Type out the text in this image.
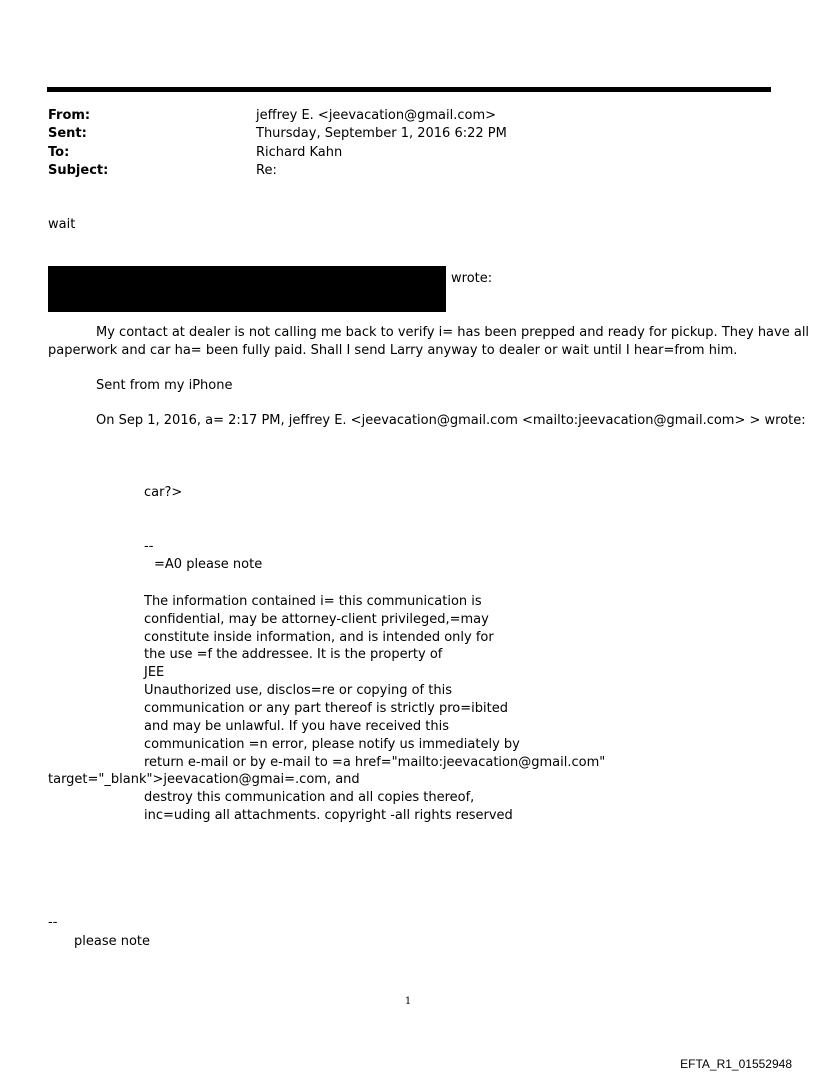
From:	jeffrey E. <jeevacation@gmail.com>
Sent:	Thursday, September 1, 2016 6:22 PM
To:	Richard Kahn
Subject:	Re:
wait
wrote:
My contact at dealer is not calling me back to verify i= has been prepped and ready for pickup. They have all
paperwork and car ha= been fully paid. Shall I send Larry anyway to dealer or wait until I hear=from him.
Sent from my iPhone
On Sep 1, 2016, a= 2:17 PM, jeffrey E. <jeevacation@gmail.com <mailto:jeevacation@gmail.com> > wrote:
car?>
--
=A0 please note
The information contained i= this communication is
confidential, may be attorney-client privileged,=may
constitute inside information, and is intended only for
the use =f the addressee. It is the property of
JEE
Unauthorized use, disclos=re or copying of this
communication or any part thereof is strictly pro=ibited
and may be unlawful. If you have received this
communication =n error, please notify us immediately by
return e-mail or by e-mail to =a href="mailto:jeevacation@gmail.com"
target="_blank">jeevacation@gmai=.com, and
destroy this communication and all copies thereof,
inc=uding all attachments. copyright -all rights reserved
--
please note
1
EFTA_R1_01552948
